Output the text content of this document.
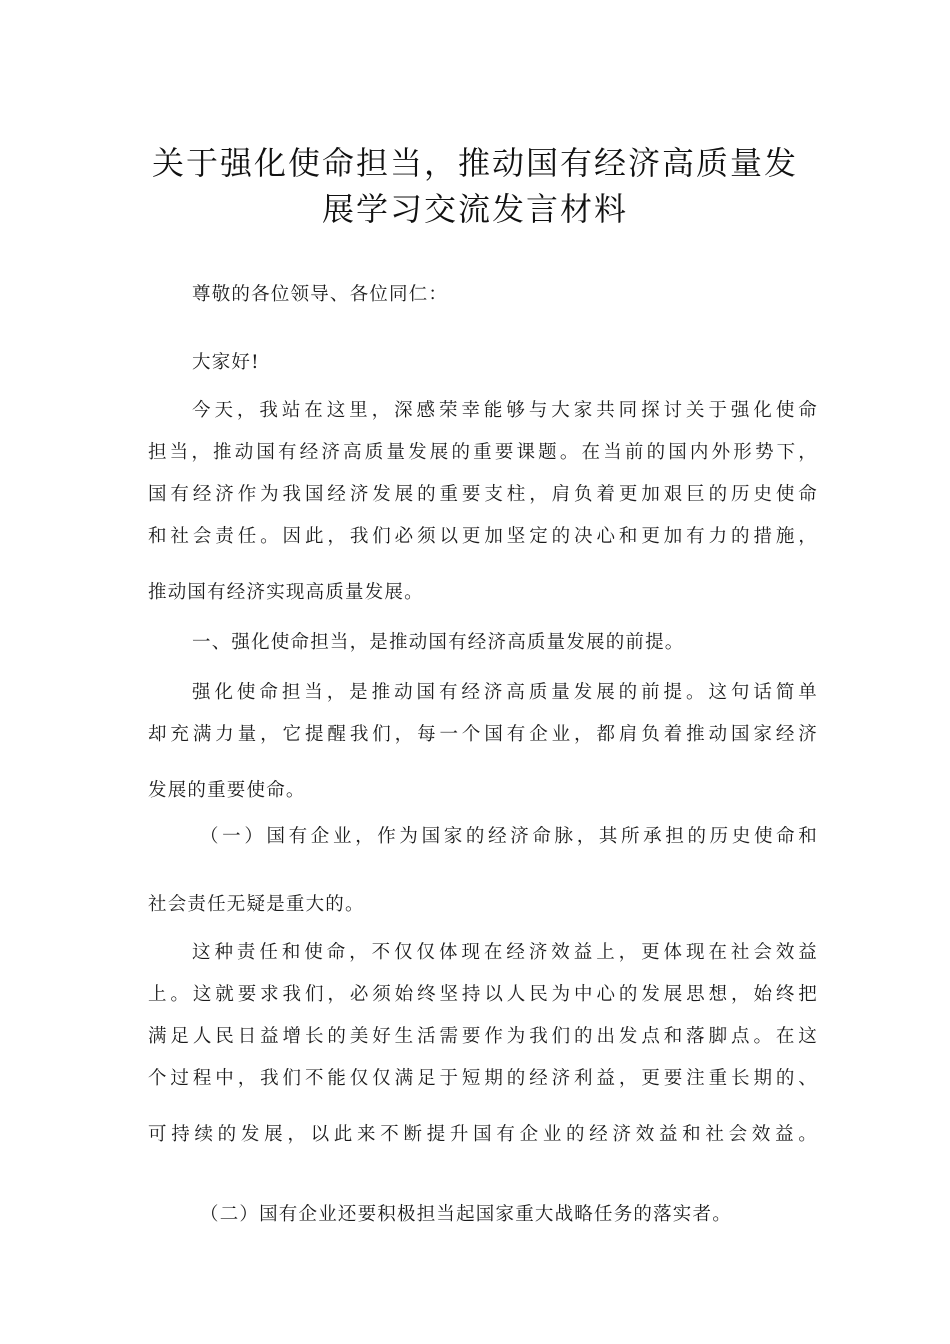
关于强化使命担当，推动国有经济高质量发
展学习交流发言材料
尊敬的各位领导、各位同仁：
大家好!
今天，我站在这里，深感荣幸能够与大家共同探讨关于强化使命
担当，推动国有经济高质量发展的重要课题。在当前的国内外形势下，
国有经济作为我国经济发展的重要支柱，肩负着更加艰巨的历史使命
和社会责任。因此，我们必须以更加坚定的决心和更加有力的措施，
推动国有经济实现高质量发展。
一、强化使命担当，是推动国有经济高质量发展的前提。
强化使命担当，是推动国有经济高质量发展的前提。这句话简单
却充满力量，它提醒我们，每一个国有企业，都肩负着推动国家经济
发展的重要使命。
（一）国有企业，作为国家的经济命脉，其所承担的历史使命和
社会责任无疑是重大的。
这种责任和使命，不仅仅体现在经济效益上，更体现在社会效益
上。这就要求我们，必须始终坚持以人民为中心的发展思想，始终把
满足人民日益增长的美好生活需要作为我们的出发点和落脚点。在这
个过程中，我们不能仅仅满足于短期的经济利益，更要注重长期的、
可持续的发展，以此来不断提升国有企业的经济效益和社会效益。
（二）国有企业还要积极担当起国家重大战略任务的落实者。
